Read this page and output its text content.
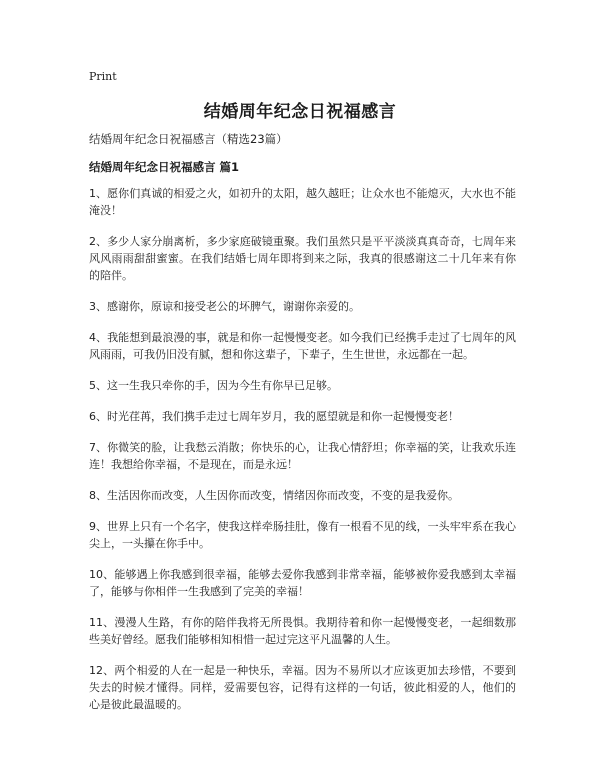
Print
结婚周年纪念日祝福感言
结婚周年纪念日祝福感言（精选23篇）
结婚周年纪念日祝福感言 篇1
1、愿你们真诚的相爱之火，如初升的太阳，越久越旺；让众水也不能熄灭，大水也不能淹没！
2、多少人家分崩离析，多少家庭破镜重聚。我们虽然只是平平淡淡真真奇奇，七周年来风风雨雨甜甜蜜蜜。在我们结婚七周年即将到来之际，我真的很感谢这二十几年来有你的陪伴。
3、感谢你，原谅和接受老公的坏脾气，谢谢你亲爱的。
4、我能想到最浪漫的事，就是和你一起慢慢变老。如今我们已经携手走过了七周年的风风雨雨，可我仍旧没有腻，想和你这辈子，下辈子，生生世世，永远都在一起。
5、这一生我只牵你的手，因为今生有你早已足够。
6、时光荏苒，我们携手走过七周年岁月，我的愿望就是和你一起慢慢变老！
7、你微笑的脸，让我愁云消散；你快乐的心，让我心情舒坦；你幸福的笑，让我欢乐连连！我想给你幸福，不是现在，而是永远！
8、生活因你而改变，人生因你而改变，情绪因你而改变，不变的是我爱你。
9、世界上只有一个名字，使我这样牵肠挂肚，像有一根看不见的线，一头牢牢系在我心尖上，一头攥在你手中。
10、能够遇上你我感到很幸福，能够去爱你我感到非常幸福，能够被你爱我感到太幸福了，能够与你相伴一生我感到了完美的幸福！
11、漫漫人生路，有你的陪伴我将无所畏惧。我期待着和你一起慢慢变老，一起细数那些美好曾经。愿我们能够相知相惜一起过完这平凡温馨的人生。
12、两个相爱的人在一起是一种快乐，幸福。因为不易所以才应该更加去珍惜，不要到失去的时候才懂得。同样，爱需要包容，记得有这样的一句话，彼此相爱的人，他们的心是彼此最温暖的。
